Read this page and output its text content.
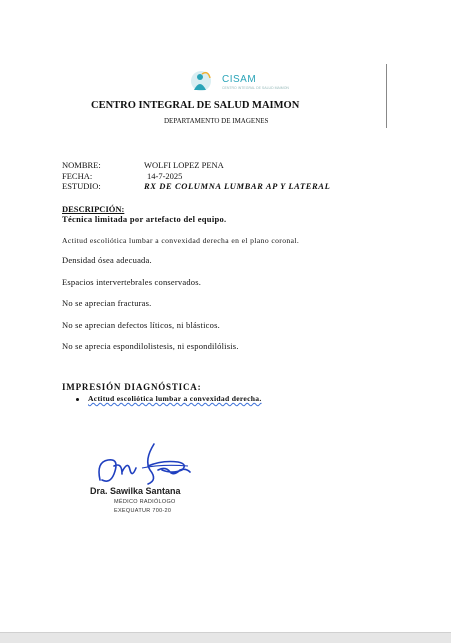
CISAM
CENTRO INTEGRAL DE SALUD MAIMON
CENTRO INTEGRAL DE SALUD MAIMON
DEPARTAMENTO DE IMAGENES
NOMBRE:	WOLFI LOPEZ PENA
FECHA:	14-7-2025
ESTUDIO:	RX DE COLUMNA LUMBAR AP Y LATERAL
DESCRIPCIÓN:
Técnica limitada por artefacto del equipo.
Actitud escoliótica lumbar a convexidad derecha en el plano coronal.
Densidad ósea adecuada.
Espacios intervertebrales conservados.
No se aprecian fracturas.
No se aprecian defectos líticos, ni blásticos.
No se aprecia espondilolistesis, ni espondilólisis.
IMPRESIÓN DIAGNÓSTICA:
Actitud escoliótica lumbar a convexidad derecha.
Dra. Sawilka Santana
MÉDICO RADIÓLOGO
EXEQUATUR 700-20
